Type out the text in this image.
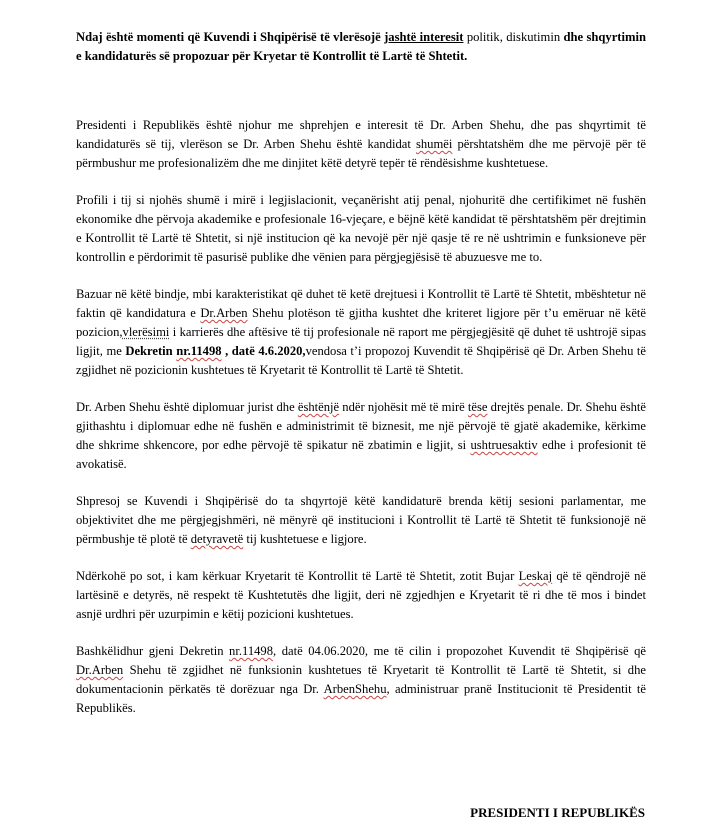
Ndaj është momenti që Kuvendi i Shqipërisë të vlerësojë jashtë interesit politik, diskutimin dhe shqyrtimin e kandidaturës së propozuar për Kryetar të Kontrollit të Lartë të Shtetit.

Presidenti i Republikës është njohur me shprehjen e interesit të Dr. Arben Shehu, dhe pas shqyrtimit të kandidaturës së tij, vlerëson se Dr. Arben Shehu është kandidat shumëi përshtatshëm dhe me përvojë për të përmbushur me profesionalizëm dhe me dinjitet këtë detyrë tepër të rëndësishme kushtetuese.

Profili i tij si njohës shumë i mirë i legjislacionit, veçanërisht atij penal, njohuritë dhe certifikimet në fushën ekonomike dhe përvoja akademike e profesionale 16-vjeçare, e bëjnë këtë kandidat të përshtatshëm për drejtimin e Kontrollit të Lartë të Shtetit, si një institucion që ka nevojë për një qasje të re në ushtrimin e funksioneve për kontrollin e përdorimit të pasurisë publike dhe vënien para përgjegjësisë të abuzuesve me to.

Bazuar në këtë bindje, mbi karakteristikat që duhet të ketë drejtuesi i Kontrollit të Lartë të Shtetit, mbështetur në faktin që kandidatura e Dr.Arben Shehu plotëson të gjitha kushtet dhe kriteret ligjore për t’u emëruar në këtë pozicion,vlerësimi i karrierës dhe aftësive të tij profesionale në raport me përgjegjësitë që duhet të ushtrojë sipas ligjit, me Dekretin nr.11498 , datë 4.6.2020,vendosa t’i propozoj Kuvendit të Shqipërisë që Dr. Arben Shehu të zgjidhet në pozicionin kushtetues të Kryetarit të Kontrollit të Lartë të Shtetit.

Dr. Arben Shehu është diplomuar jurist dhe ështënjë ndër njohësit më të mirë tëse drejtës penale. Dr. Shehu është gjithashtu i diplomuar edhe në fushën e administrimit të biznesit, me një përvojë të gjatë akademike, kërkime dhe shkrime shkencore, por edhe përvojë të spikatur në zbatimin e ligjit, si ushtruesaktiv edhe i profesionit të avokatisë.

Shpresoj se Kuvendi i Shqipërisë do ta shqyrtojë këtë kandidaturë brenda këtij sesioni parlamentar, me objektivitet dhe me përgjegjshmëri, në mënyrë që institucioni i Kontrollit të Lartë të Shtetit të funksionojë në përmbushje të plotë të detyravetë tij kushtetuese e ligjore.

Ndërkohë po sot, i kam kërkuar Kryetarit të Kontrollit të Lartë të Shtetit, zotit Bujar Leskaj që të qëndrojë në lartësinë e detyrës, në respekt të Kushtetutës dhe ligjit, deri në zgjedhjen e Kryetarit të ri dhe të mos i bindet asnjë urdhri për uzurpimin e këtij pozicioni kushtetues.

Bashkëlidhur gjeni Dekretin nr.11498, datë 04.06.2020, me të cilin i propozohet Kuvendit të Shqipërisë që Dr.Arben Shehu të zgjidhet në funksionin kushtetues të Kryetarit të Kontrollit të Lartë të Shtetit, si dhe dokumentacionin përkatës të dorëzuar nga Dr. ArbenShehu, administruar pranë Institucionit të Presidentit të Republikës.

PRESIDENTI I REPUBLIKËS
